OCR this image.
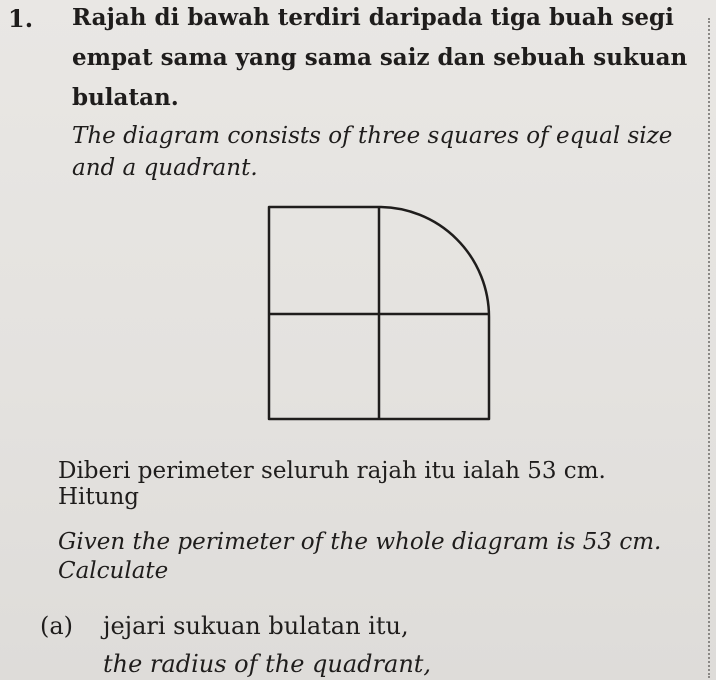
1. Rajah di bawah terdiri daripada tiga buah segi
empat sama yang sama saiz dan sebuah sukuan
bulatan.
The diagram consists of three squares of equal size
and a quadrant.
Diberi perimeter seluruh rajah itu ialah 53 cm.
Hitung
Given the perimeter of the whole diagram is 53 cm.
Calculate
(a) jejari sukuan bulatan itu,
the radius of the quadrant,
